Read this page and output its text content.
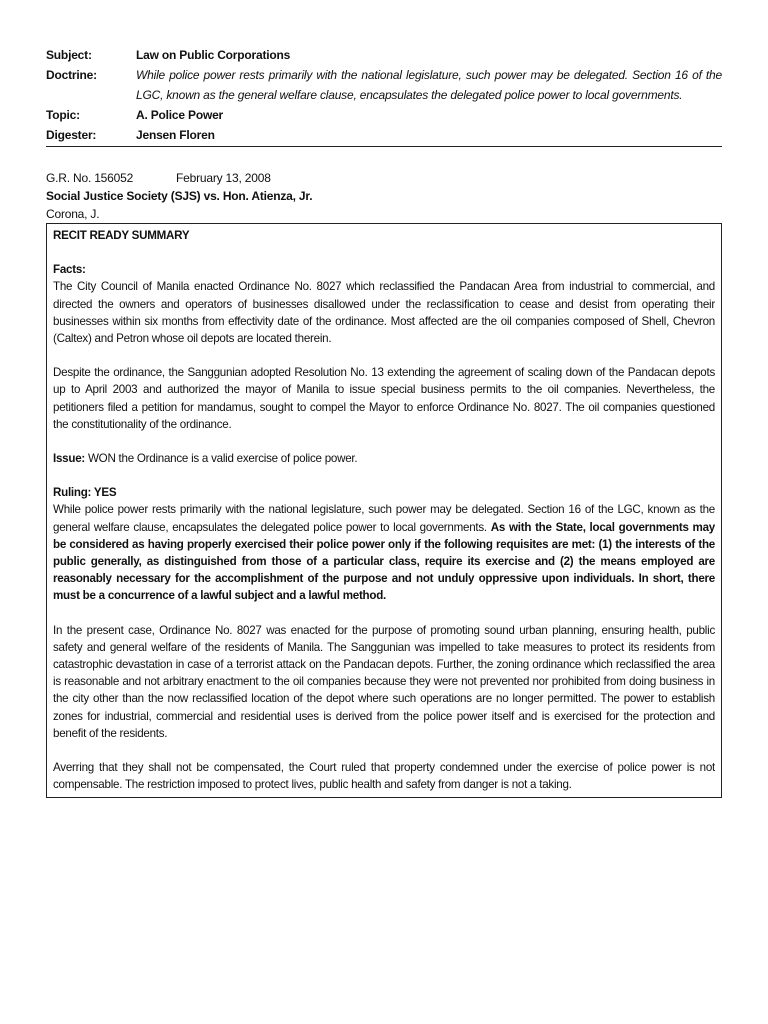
Subject:	Law on Public Corporations
Doctrine:	While police power rests primarily with the national legislature, such power may be delegated. Section 16 of the LGC, known as the general welfare clause, encapsulates the delegated police power to local governments.
Topic:	A. Police Power
Digester:	Jensen Floren
G.R. No. 156052	February 13, 2008
Social Justice Society (SJS) vs. Hon. Atienza, Jr.
Corona, J.
RECIT READY SUMMARY
Facts:

The City Council of Manila enacted Ordinance No. 8027 which reclassified the Pandacan Area from industrial to commercial, and directed the owners and operators of businesses disallowed under the reclassification to cease and desist from operating their businesses within six months from effectivity date of the ordinance. Most affected are the oil companies composed of Shell, Chevron (Caltex) and Petron whose oil depots are located therein.

Despite the ordinance, the Sanggunian adopted Resolution No. 13 extending the agreement of scaling down of the Pandacan depots up to April 2003 and authorized the mayor of Manila to issue special business permits to the oil companies. Nevertheless, the petitioners filed a petition for mandamus, sought to compel the Mayor to enforce Ordinance No. 8027. The oil companies questioned the constitutionality of the ordinance.

Issue: WON the Ordinance is a valid exercise of police power.

Ruling: YES

While police power rests primarily with the national legislature, such power may be delegated. Section 16 of the LGC, known as the general welfare clause, encapsulates the delegated police power to local governments. As with the State, local governments may be considered as having properly exercised their police power only if the following requisites are met: (1) the interests of the public generally, as distinguished from those of a particular class, require its exercise and (2) the means employed are reasonably necessary for the accomplishment of the purpose and not unduly oppressive upon individuals. In short, there must be a concurrence of a lawful subject and a lawful method.

In the present case, Ordinance No. 8027 was enacted for the purpose of promoting sound urban planning, ensuring health, public safety and general welfare of the residents of Manila. The Sanggunian was impelled to take measures to protect its residents from catastrophic devastation in case of a terrorist attack on the Pandacan depots. Further, the zoning ordinance which reclassified the area is reasonable and not arbitrary enactment to the oil companies because they were not prevented nor prohibited from doing business in the city other than the now reclassified location of the depot where such operations are no longer permitted. The power to establish zones for industrial, commercial and residential uses is derived from the police power itself and is exercised for the protection and benefit of the residents.

Averring that they shall not be compensated, the Court ruled that property condemned under the exercise of police power is not compensable. The restriction imposed to protect lives, public health and safety from danger is not a taking.
